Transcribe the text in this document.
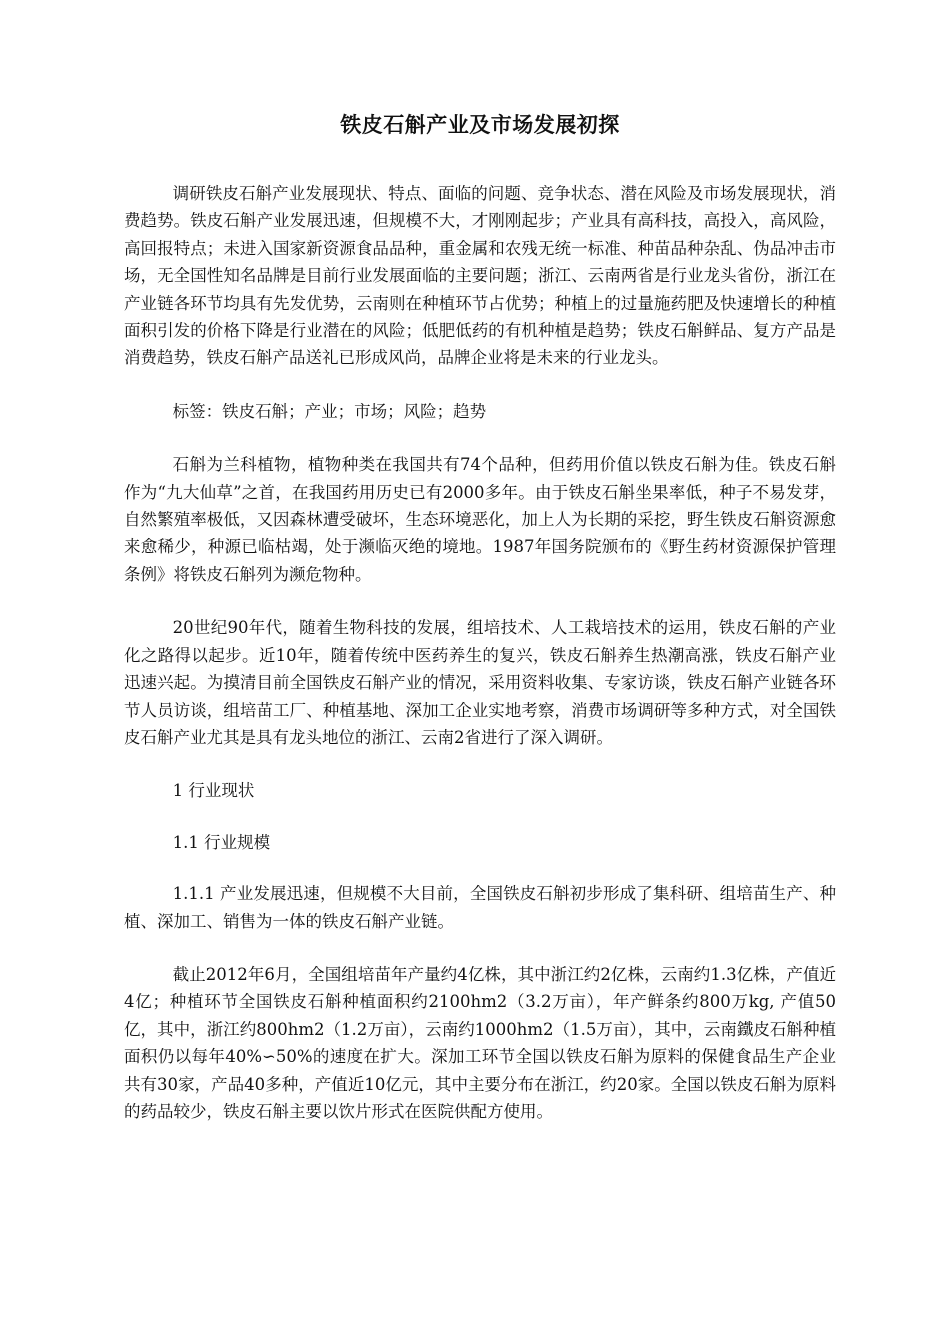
铁皮石斛产业及市场发展初探

调研铁皮石斛产业发展现状、特点、面临的问题、竞争状态、潜在风险及市场发展现状，消费趋势。铁皮石斛产业发展迅速，但规模不大，才刚刚起步；产业具有高科技，高投入，高风险，高回报特点；未进入国家新资源食品品种，重金属和农残无统一标准、种苗品种杂乱、伪品冲击市场，无全国性知名品牌是目前行业发展面临的主要问题；浙江、云南两省是行业龙头省份，浙江在产业链各环节均具有先发优势，云南则在种植环节占优势；种植上的过量施药肥及快速增长的种植面积引发的价格下降是行业潜在的风险；低肥低药的有机种植是趋势；铁皮石斛鲜品、复方产品是消费趋势，铁皮石斛产品送礼已形成风尚，品牌企业将是未来的行业龙头。

标签：铁皮石斛；产业；市场；风险；趋势

石斛为兰科植物，植物种类在我国共有74个品种，但药用价值以铁皮石斛为佳。铁皮石斛作为“九大仙草”之首，在我国药用历史已有2000多年。由于铁皮石斛坐果率低，种子不易发芽，自然繁殖率极低，又因森林遭受破坏，生态环境恶化，加上人为长期的采挖，野生铁皮石斛资源愈来愈稀少，种源已临枯竭，处于濒临灭绝的境地。1987年国务院颁布的《野生药材资源保护管理条例》将铁皮石斛列为濒危物种。

20世纪90年代，随着生物科技的发展，组培技术、人工栽培技术的运用，铁皮石斛的产业化之路得以起步。近10年，随着传统中医药养生的复兴，铁皮石斛养生热潮高涨，铁皮石斛产业迅速兴起。为摸清目前全国铁皮石斛产业的情况，采用资料收集、专家访谈，铁皮石斛产业链各环节人员访谈，组培苗工厂、种植基地、深加工企业实地考察，消费市场调研等多种方式，对全国铁皮石斛产业尤其是具有龙头地位的浙江、云南2省进行了深入调研。

1 行业现状

1.1 行业规模

1.1.1 产业发展迅速，但规模不大目前，全国铁皮石斛初步形成了集科研、组培苗生产、种植、深加工、销售为一体的铁皮石斛产业链。

截止2012年6月，全国组培苗年产量约4亿株，其中浙江约2亿株，云南约1.3亿株，产值近4亿；种植环节全国铁皮石斛种植面积约2100hm2（3.2万亩），年产鲜条约800万kg, 产值50亿，其中，浙江约800hm2（1.2万亩），云南约1000hm2（1.5万亩），其中，云南鐵皮石斛种植面积仍以每年40%∽50%的速度在扩大。深加工环节全国以铁皮石斛为原料的保健食品生产企业共有30家，产品40多种，产值近10亿元，其中主要分布在浙江，约20家。全国以铁皮石斛为原料的药品较少，铁皮石斛主要以饮片形式在医院供配方使用。
